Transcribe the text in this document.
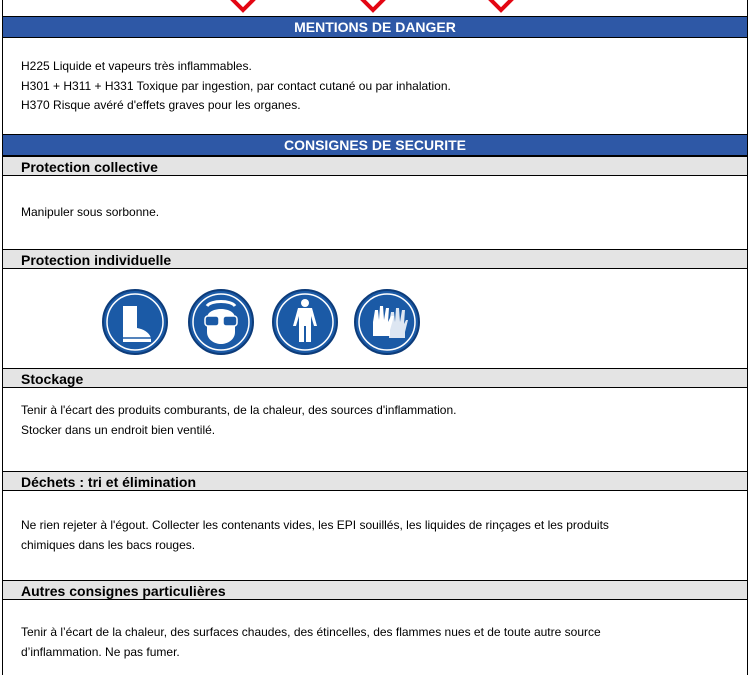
MENTIONS DE DANGER

H225 Liquide et vapeurs très inflammables.

H301 + H311 + H331 Toxique par ingestion, par contact cutané ou par inhalation.

H370 Risque avéré d'effets graves pour les organes.

CONSIGNES DE SECURITE
Protection collective

Manipuler sous sorbonne.

Protection individuelle
Stockage

Tenir à l'écart des produits comburants, de la chaleur, des sources d'inflammation.

Stocker dans un endroit bien ventilé.

Déchets : tri et élimination

Ne rien rejeter à l'égout. Collecter les contenants vides, les EPI souillés, les liquides de rinçages et les produits

chimiques dans les bacs rouges.

Autres consignes particulières

Tenir à l’écart de la chaleur, des surfaces chaudes, des étincelles, des flammes nues et de toute autre source

d’inflammation. Ne pas fumer.
